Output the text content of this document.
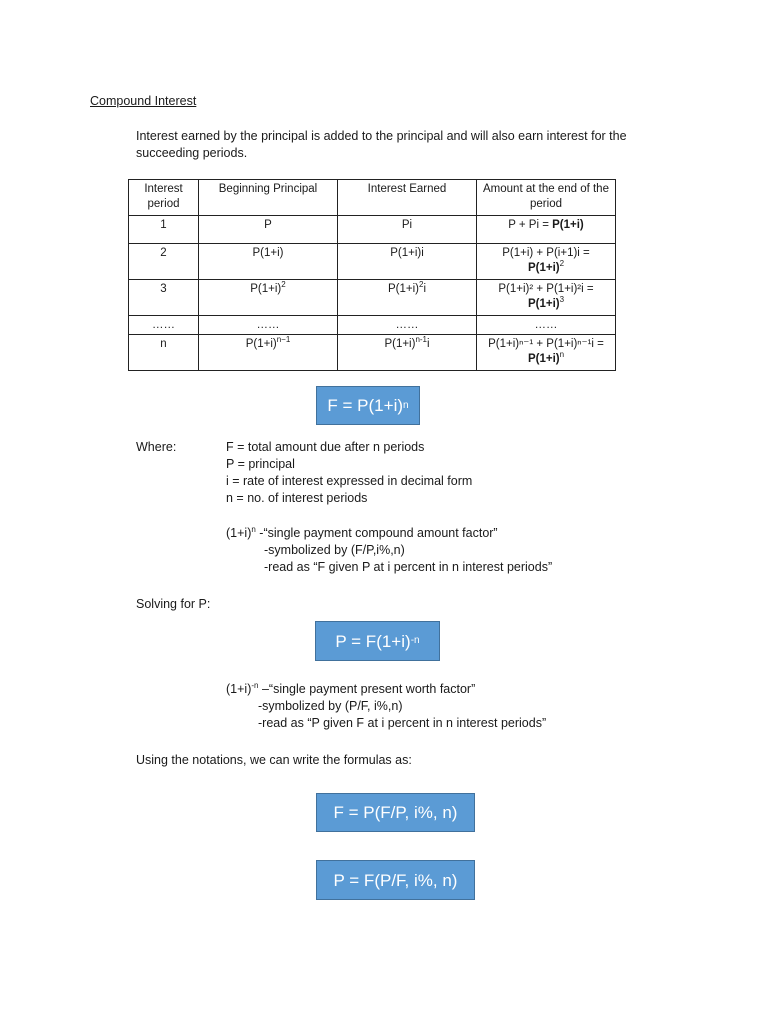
Compound Interest
Interest earned by the principal is added to the principal and will also earn interest for the succeeding periods.
Interest period	Beginning Principal	Interest Earned	Amount at the end of the period
1	P	Pi	P + Pi = P(1+i)
2	P(1+i)	P(1+i)i	P(1+i) + P(i+1)i =
$P(1+i)^2$
3	$P(1+i)^2$	$P(1+i)^2i$	P(1+i)² + P(1+i)²i =
$P(1+i)^3$
……	……	……	……
n	$P(1+i)^{n-1}$	$P(1+i)^{n-1}i$	P(1+i)ⁿ⁻¹ + P(1+i)ⁿ⁻¹i =
$P(1+i)^n$
F = P(1+i) n
Where:	F = total amount due after n periods
P = principal
i = rate of interest expressed in decimal form
n = no. of interest periods
$(1+i)^n$ -“single payment compound amount factor”
-symbolized by (F/P,i%,n)
-read as “F given P at i percent in n interest periods”
Solving for P:
P = F(1+i) -n
$(1+i)^{-n}$ –“single payment present worth factor”
-symbolized by (P/F, i%,n)
-read as “P given F at i percent in n interest periods”
Using the notations, we can write the formulas as:
F = P(F/P, i%, n)
P = F(P/F, i%, n)
